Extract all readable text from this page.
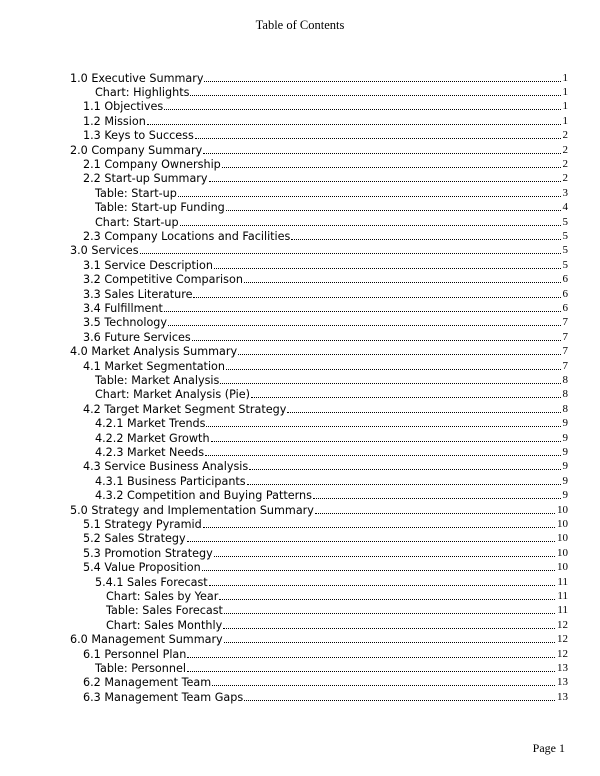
Table of Contents
1.0 Executive Summary	1
Chart: Highlights	1
1.1 Objectives	1
1.2 Mission	1
1.3 Keys to Success	2
2.0 Company Summary	2
2.1 Company Ownership	2
2.2 Start-up Summary	2
Table: Start-up	3
Table: Start-up Funding	4
Chart: Start-up	5
2.3 Company Locations and Facilities	5
3.0 Services	5
3.1 Service Description	5
3.2 Competitive Comparison	6
3.3 Sales Literature	6
3.4 Fulfillment	6
3.5 Technology	7
3.6 Future Services	7
4.0 Market Analysis Summary	7
4.1 Market Segmentation	7
Table: Market Analysis	8
Chart: Market Analysis (Pie)	8
4.2 Target Market Segment Strategy	8
4.2.1 Market Trends	9
4.2.2 Market Growth	9
4.2.3 Market Needs	9
4.3 Service Business Analysis	9
4.3.1 Business Participants	9
4.3.2 Competition and Buying Patterns	9
5.0 Strategy and Implementation Summary	10
5.1 Strategy Pyramid	10
5.2 Sales Strategy	10
5.3 Promotion Strategy	10
5.4 Value Proposition	10
5.4.1 Sales Forecast	11
Chart: Sales by Year	11
Table: Sales Forecast	11
Chart: Sales Monthly	12
6.0 Management Summary	12
6.1 Personnel Plan	12
Table: Personnel	13
6.2 Management Team	13
6.3 Management Team Gaps	13
Page 1
